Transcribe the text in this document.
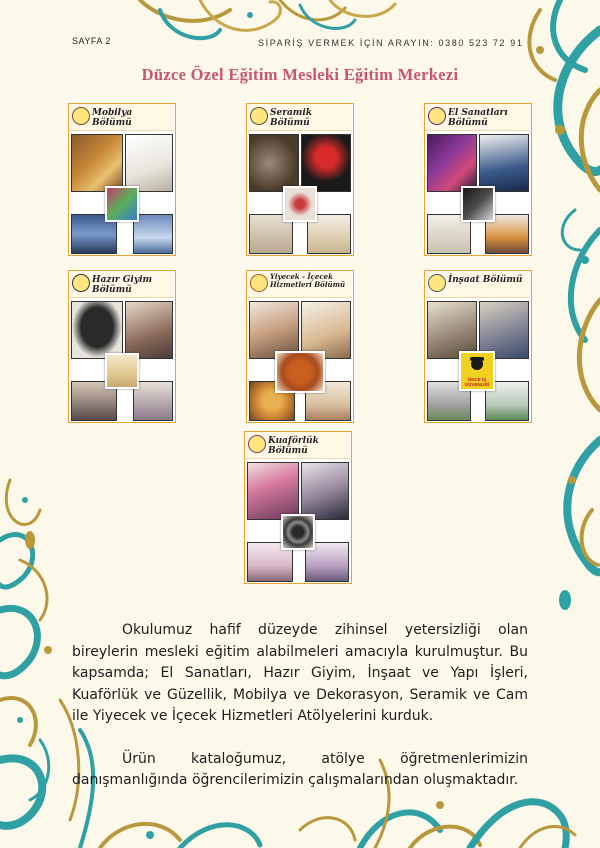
SAYFA 2	SİPARİŞ VERMEK İÇİN ARAYIN: 0380 523 72 91
Düzce Özel Eğitim Mesleki Eğitim Merkezi
Mobilya Bölümü
Seramik Bölümü
El Sanatları Bölümü
Hazır Giyim Bölümü
Yiyecek - İçecek Hizmetleri Bölümü	İnşaat Bölümü
ÖNCE İŞ GÜVENLİĞİ
Kuaförlük Bölümü

Okulumuz hafif düzeyde zihinsel yetersizliği olan bireylerin mesleki eğitim alabilmeleri amacıyla kurulmuştur. Bu kapsamda; El Sanatları, Hazır Giyim, İnşaat ve Yapı İşleri, Kuaförlük ve Güzellik, Mobilya ve Dekorasyon, Seramik ve Cam ile Yiyecek ve İçecek Hizmetleri Atölyelerini kurduk.

Ürün kataloğumuz, atölye öğretmenlerimizin danışmanlığında öğrencilerimizin çalışmalarından oluşmaktadır.
